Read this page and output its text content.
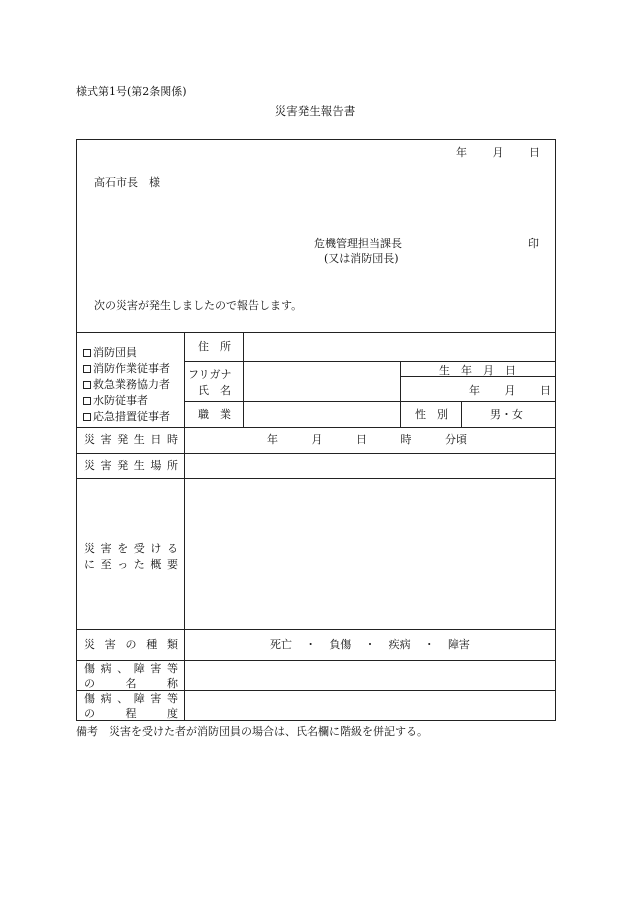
様式第1号(第2条関係)
災害発生報告書
年 月 日
高石市長　様
危機管理担当課長	印
(又は消防団長)
次の災害が発生しましたので報告します。
消防団員
消防作業従事者
救急業務協力者
水防従事者
応急措置従事者
住　所
フリガナ
氏　名
生　年　月　日
年 月 日
職　業	性　別	男・女
災 害 発 生 日 時	年	月	日	時	分頃
災 害 発 生 場 所
災 害 を 受 け る
に 至 っ た 概 要
災 害 の 種 類	死亡 ・ 負傷 ・ 疾病 ・ 障害
傷 病 、 障 害 等
の	名	称
傷 病 、 障 害 等
の	程	度
備考　災害を受けた者が消防団員の場合は、氏名欄に階級を併記する。
